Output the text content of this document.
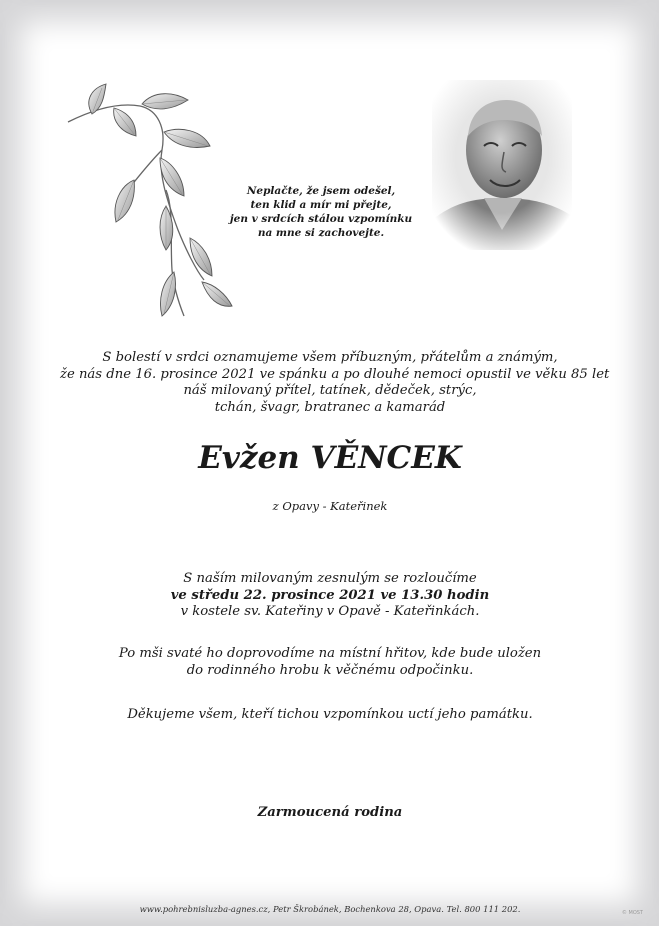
Neplačte, že jsem odešel,
ten klid a mír mi přejte,
jen v srdcích stálou vzpomínku
na mne si zachovejte.
S bolestí v srdci oznamujeme všem příbuzným, přátelům a známým,
že nás dne 16. prosince 2021 ve spánku a po dlouhé nemoci opustil ve věku 85 let
náš milovaný přítel, tatínek, dědeček, strýc,
tchán, švagr, bratranec a kamarád
Evžen VĚNCEK
z Opavy - Kateřinek
S naším milovaným zesnulým se rozloučíme
ve středu 22. prosince 2021 ve 13.30 hodin
v kostele sv. Kateřiny v Opavě - Kateřinkách.
Po mši svaté ho doprovodíme na místní hřitov, kde bude uložen
do rodinného hrobu k věčnému odpočinku.
Děkujeme všem, kteří tichou vzpomínkou uctí jeho památku.
Zarmoucená rodina
www.pohrebnisluzba-agnes.cz, Petr Škrobánek, Bochenkova 28, Opava. Tel. 800 111 202.	© MOST
